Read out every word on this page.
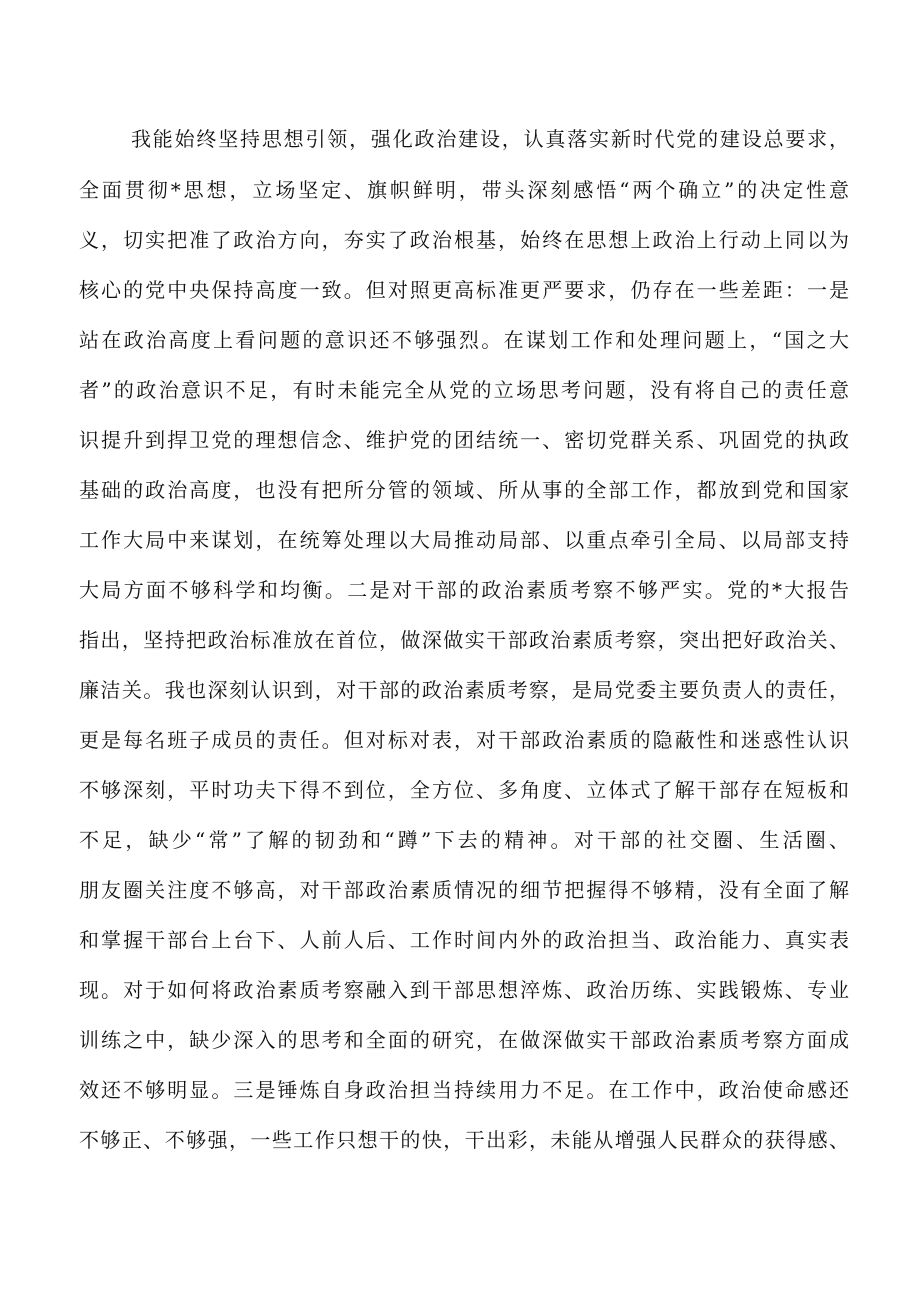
我能始终坚持思想引领，强化政治建设，认真落实新时代党的建设总要求，
全面贯彻*思想，立场坚定、旗帜鲜明，带头深刻感悟“两个确立”的决定性意
义，切实把准了政治方向，夯实了政治根基，始终在思想上政治上行动上同以为
核心的党中央保持高度一致。但对照更高标准更严要求，仍存在一些差距：一是
站在政治高度上看问题的意识还不够强烈。在谋划工作和处理问题上，“国之大
者”的政治意识不足，有时未能完全从党的立场思考问题，没有将自己的责任意
识提升到捍卫党的理想信念、维护党的团结统一、密切党群关系、巩固党的执政
基础的政治高度，也没有把所分管的领域、所从事的全部工作，都放到党和国家
工作大局中来谋划，在统筹处理以大局推动局部、以重点牵引全局、以局部支持
大局方面不够科学和均衡。二是对干部的政治素质考察不够严实。党的*大报告
指出，坚持把政治标准放在首位，做深做实干部政治素质考察，突出把好政治关、
廉洁关。我也深刻认识到，对干部的政治素质考察，是局党委主要负责人的责任，
更是每名班子成员的责任。但对标对表，对干部政治素质的隐蔽性和迷惑性认识
不够深刻，平时功夫下得不到位，全方位、多角度、立体式了解干部存在短板和
不足，缺少“常”了解的韧劲和“蹲”下去的精神。对干部的社交圈、生活圈、
朋友圈关注度不够高，对干部政治素质情况的细节把握得不够精，没有全面了解
和掌握干部台上台下、人前人后、工作时间内外的政治担当、政治能力、真实表
现。对于如何将政治素质考察融入到干部思想淬炼、政治历练、实践锻炼、专业
训练之中，缺少深入的思考和全面的研究，在做深做实干部政治素质考察方面成
效还不够明显。三是锤炼自身政治担当持续用力不足。在工作中，政治使命感还
不够正、不够强，一些工作只想干的快，干出彩，未能从增强人民群众的获得感、
